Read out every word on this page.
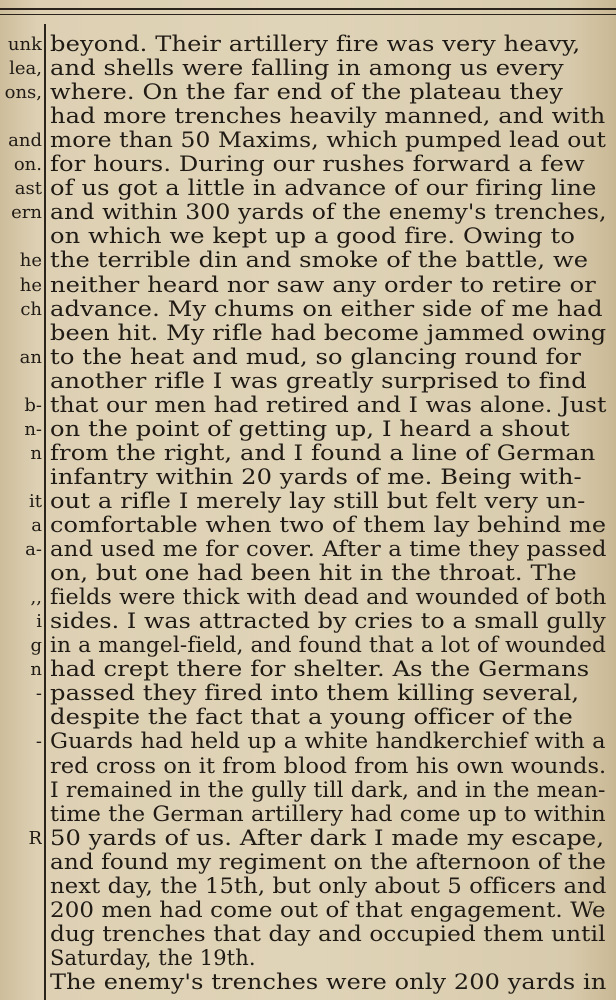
unk
lea,
ons,
and
on.
ast
ern
he
he
ch
an
b-
n-
n
it
a
a-
,,
i
g
n
-
-
R
beyond. Their artillery fire was very heavy,
and shells were falling in among us every
where. On the far end of the plateau they
had more trenches heavily manned, and with
more than 50 Maxims, which pumped lead out
for hours. During our rushes forward a few
of us got a little in advance of our firing line
and within 300 yards of the enemy's trenches,
on which we kept up a good fire. Owing to
the terrible din and smoke of the battle, we
neither heard nor saw any order to retire or
advance. My chums on either side of me had
been hit. My rifle had become jammed owing
to the heat and mud, so glancing round for
another rifle I was greatly surprised to find
that our men had retired and I was alone. Just
on the point of getting up, I heard a shout
from the right, and I found a line of German
infantry within 20 yards of me. Being with-
out a rifle I merely lay still but felt very un-
comfortable when two of them lay behind me
and used me for cover. After a time they passed
on, but one had been hit in the throat. The
fields were thick with dead and wounded of both
sides. I was attracted by cries to a small gully
in a mangel-field, and found that a lot of wounded
had crept there for shelter. As the Germans
passed they fired into them killing several,
despite the fact that a young officer of the
Guards had held up a white handkerchief with a
red cross on it from blood from his own wounds.
I remained in the gully till dark, and in the mean-
time the German artillery had come up to within
50 yards of us. After dark I made my escape,
and found my regiment on the afternoon of the
next day, the 15th, but only about 5 officers and
200 men had come out of that engagement. We
dug trenches that day and occupied them until
Saturday, the 19th.
The enemy's trenches were only 200 yards in
